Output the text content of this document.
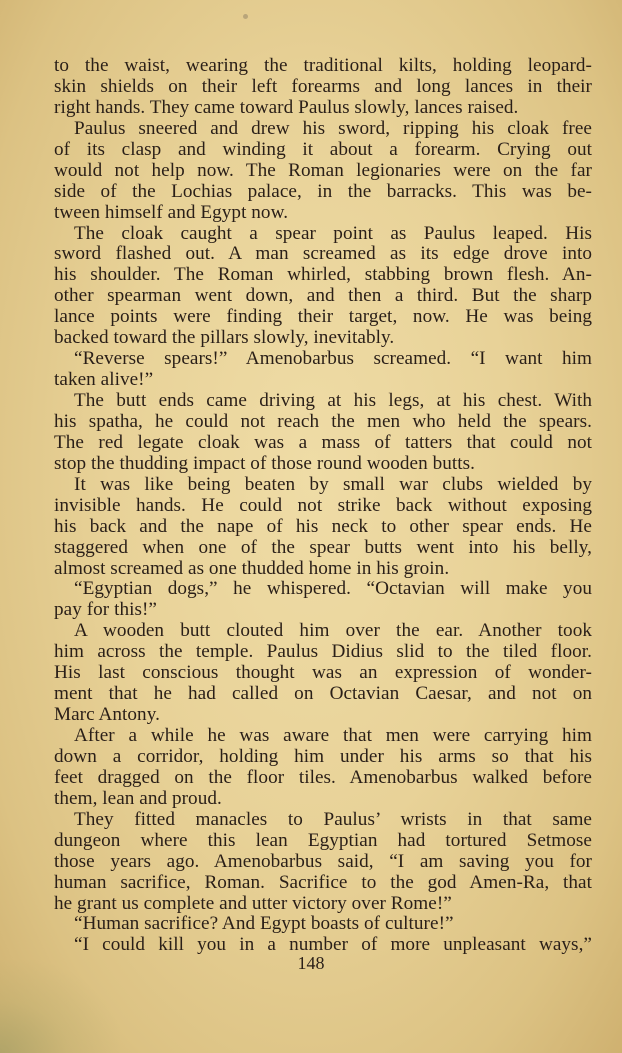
to the waist, wearing the traditional kilts, holding leopard-
skin shields on their left forearms and long lances in their
right hands. They came toward Paulus slowly, lances raised.
Paulus sneered and drew his sword, ripping his cloak free
of its clasp and winding it about a forearm. Crying out
would not help now. The Roman legionaries were on the far
side of the Lochias palace, in the barracks. This was be-
tween himself and Egypt now.
The cloak caught a spear point as Paulus leaped. His
sword flashed out. A man screamed as its edge drove into
his shoulder. The Roman whirled, stabbing brown flesh. An-
other spearman went down, and then a third. But the sharp
lance points were finding their target, now. He was being
backed toward the pillars slowly, inevitably.
“Reverse spears!” Amenobarbus screamed. “I want him
taken alive!”
The butt ends came driving at his legs, at his chest. With
his spatha, he could not reach the men who held the spears.
The red legate cloak was a mass of tatters that could not
stop the thudding impact of those round wooden butts.
It was like being beaten by small war clubs wielded by
invisible hands. He could not strike back without exposing
his back and the nape of his neck to other spear ends. He
staggered when one of the spear butts went into his belly,
almost screamed as one thudded home in his groin.
“Egyptian dogs,” he whispered. “Octavian will make you
pay for this!”
A wooden butt clouted him over the ear. Another took
him across the temple. Paulus Didius slid to the tiled floor.
His last conscious thought was an expression of wonder-
ment that he had called on Octavian Caesar, and not on
Marc Antony.
After a while he was aware that men were carrying him
down a corridor, holding him under his arms so that his
feet dragged on the floor tiles. Amenobarbus walked before
them, lean and proud.
They fitted manacles to Paulus’ wrists in that same
dungeon where this lean Egyptian had tortured Setmose
those years ago. Amenobarbus said, “I am saving you for
human sacrifice, Roman. Sacrifice to the god Amen-Ra, that
he grant us complete and utter victory over Rome!”
“Human sacrifice? And Egypt boasts of culture!”
“I could kill you in a number of more unpleasant ways,”
148
